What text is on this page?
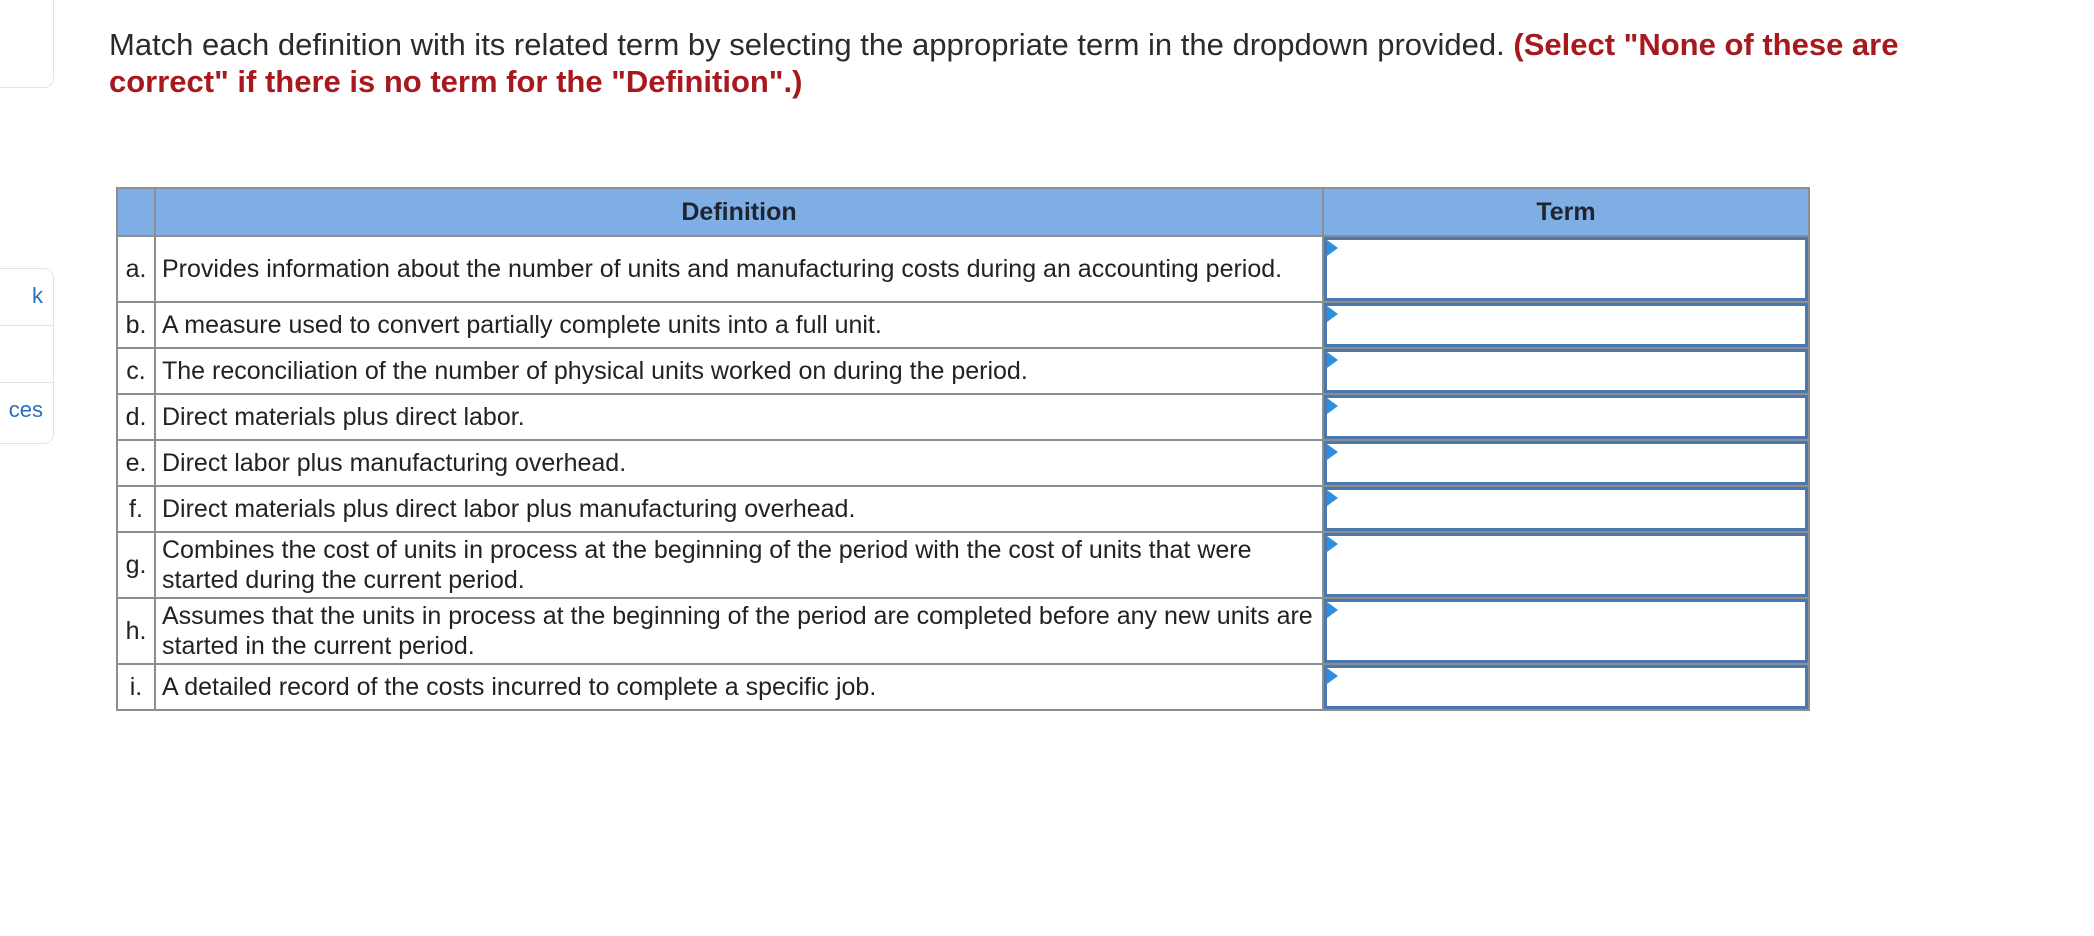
k
ces
Match each definition with its related term by selecting the appropriate term in the dropdown provided. (Select "None of these are correct" if there is no term for the "Definition".)
	Definition	Term
a.	Provides information about the number of units and manufacturing costs during an accounting period.	

b.	A measure used to convert partially complete units into a full unit.	

c.	The reconciliation of the number of physical units worked on during the period.	

d.	Direct materials plus direct labor.	

e.	Direct labor plus manufacturing overhead.	

f.	Direct materials plus direct labor plus manufacturing overhead.	

g.	Combines the cost of units in process at the beginning of the period with the cost of units that were started during the current period.	

h.	Assumes that the units in process at the beginning of the period are completed before any new units are started in the current period.	

i.	A detailed record of the costs incurred to complete a specific job.	
